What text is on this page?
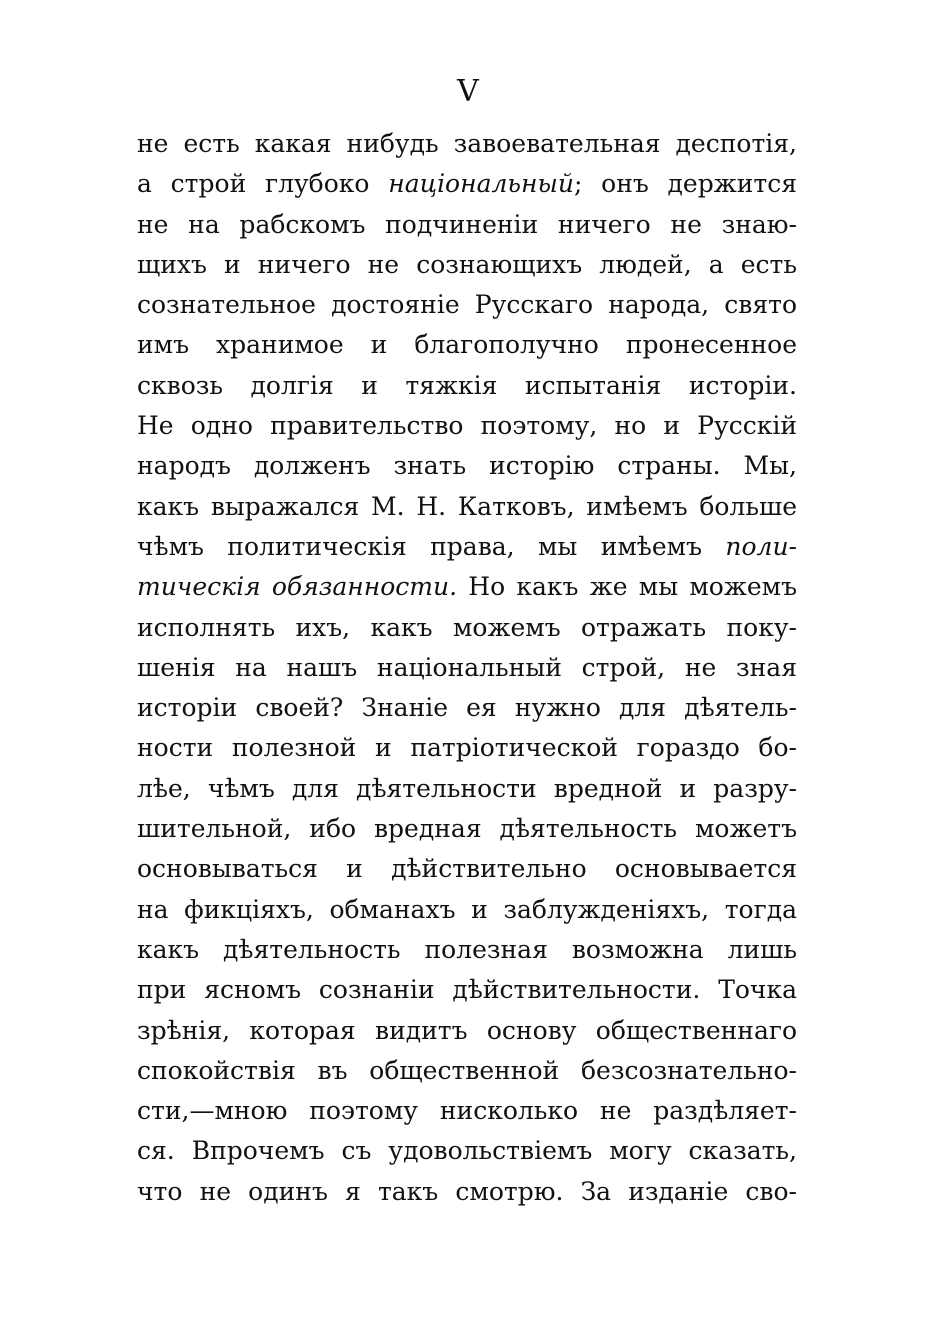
V
не есть какая нибудь завоевательная деспотія,
а строй глубоко національный; онъ держится
не на рабскомъ подчиненіи ничего не знаю-
щихъ и ничего не сознающихъ людей, а есть
сознательное достояніе Русскаго народа, свято
имъ хранимое и благополучно пронесенное
сквозь долгія и тяжкія испытанія исторіи.
Не одно правительство поэтому, но и Русскій
народъ долженъ знать исторію страны. Мы,
какъ выражался М. Н. Катковъ, имѣемъ больше
чѣмъ политическія права, мы имѣемъ поли-
тическія обязанности. Но какъ же мы можемъ
исполнять ихъ, какъ можемъ отражать поку-
шенія на нашъ національный строй, не зная
исторіи своей? Знаніе ея нужно для дѣятель-
ности полезной и патріотической гораздо бо-
лѣе, чѣмъ для дѣятельности вредной и разру-
шительной, ибо вредная дѣятельность можетъ
основываться и дѣйствительно основывается
на фикціяхъ, обманахъ и заблужденіяхъ, тогда
какъ дѣятельность полезная возможна лишь
при ясномъ сознаніи дѣйствительности. Точка
зрѣнія, которая видитъ основу общественнаго
спокойствія въ общественной безсознательно-
сти,—мною поэтому нисколько не раздѣляет-
ся. Впрочемъ съ удовольствіемъ могу сказать,
что не одинъ я такъ смотрю. За изданіе сво-
